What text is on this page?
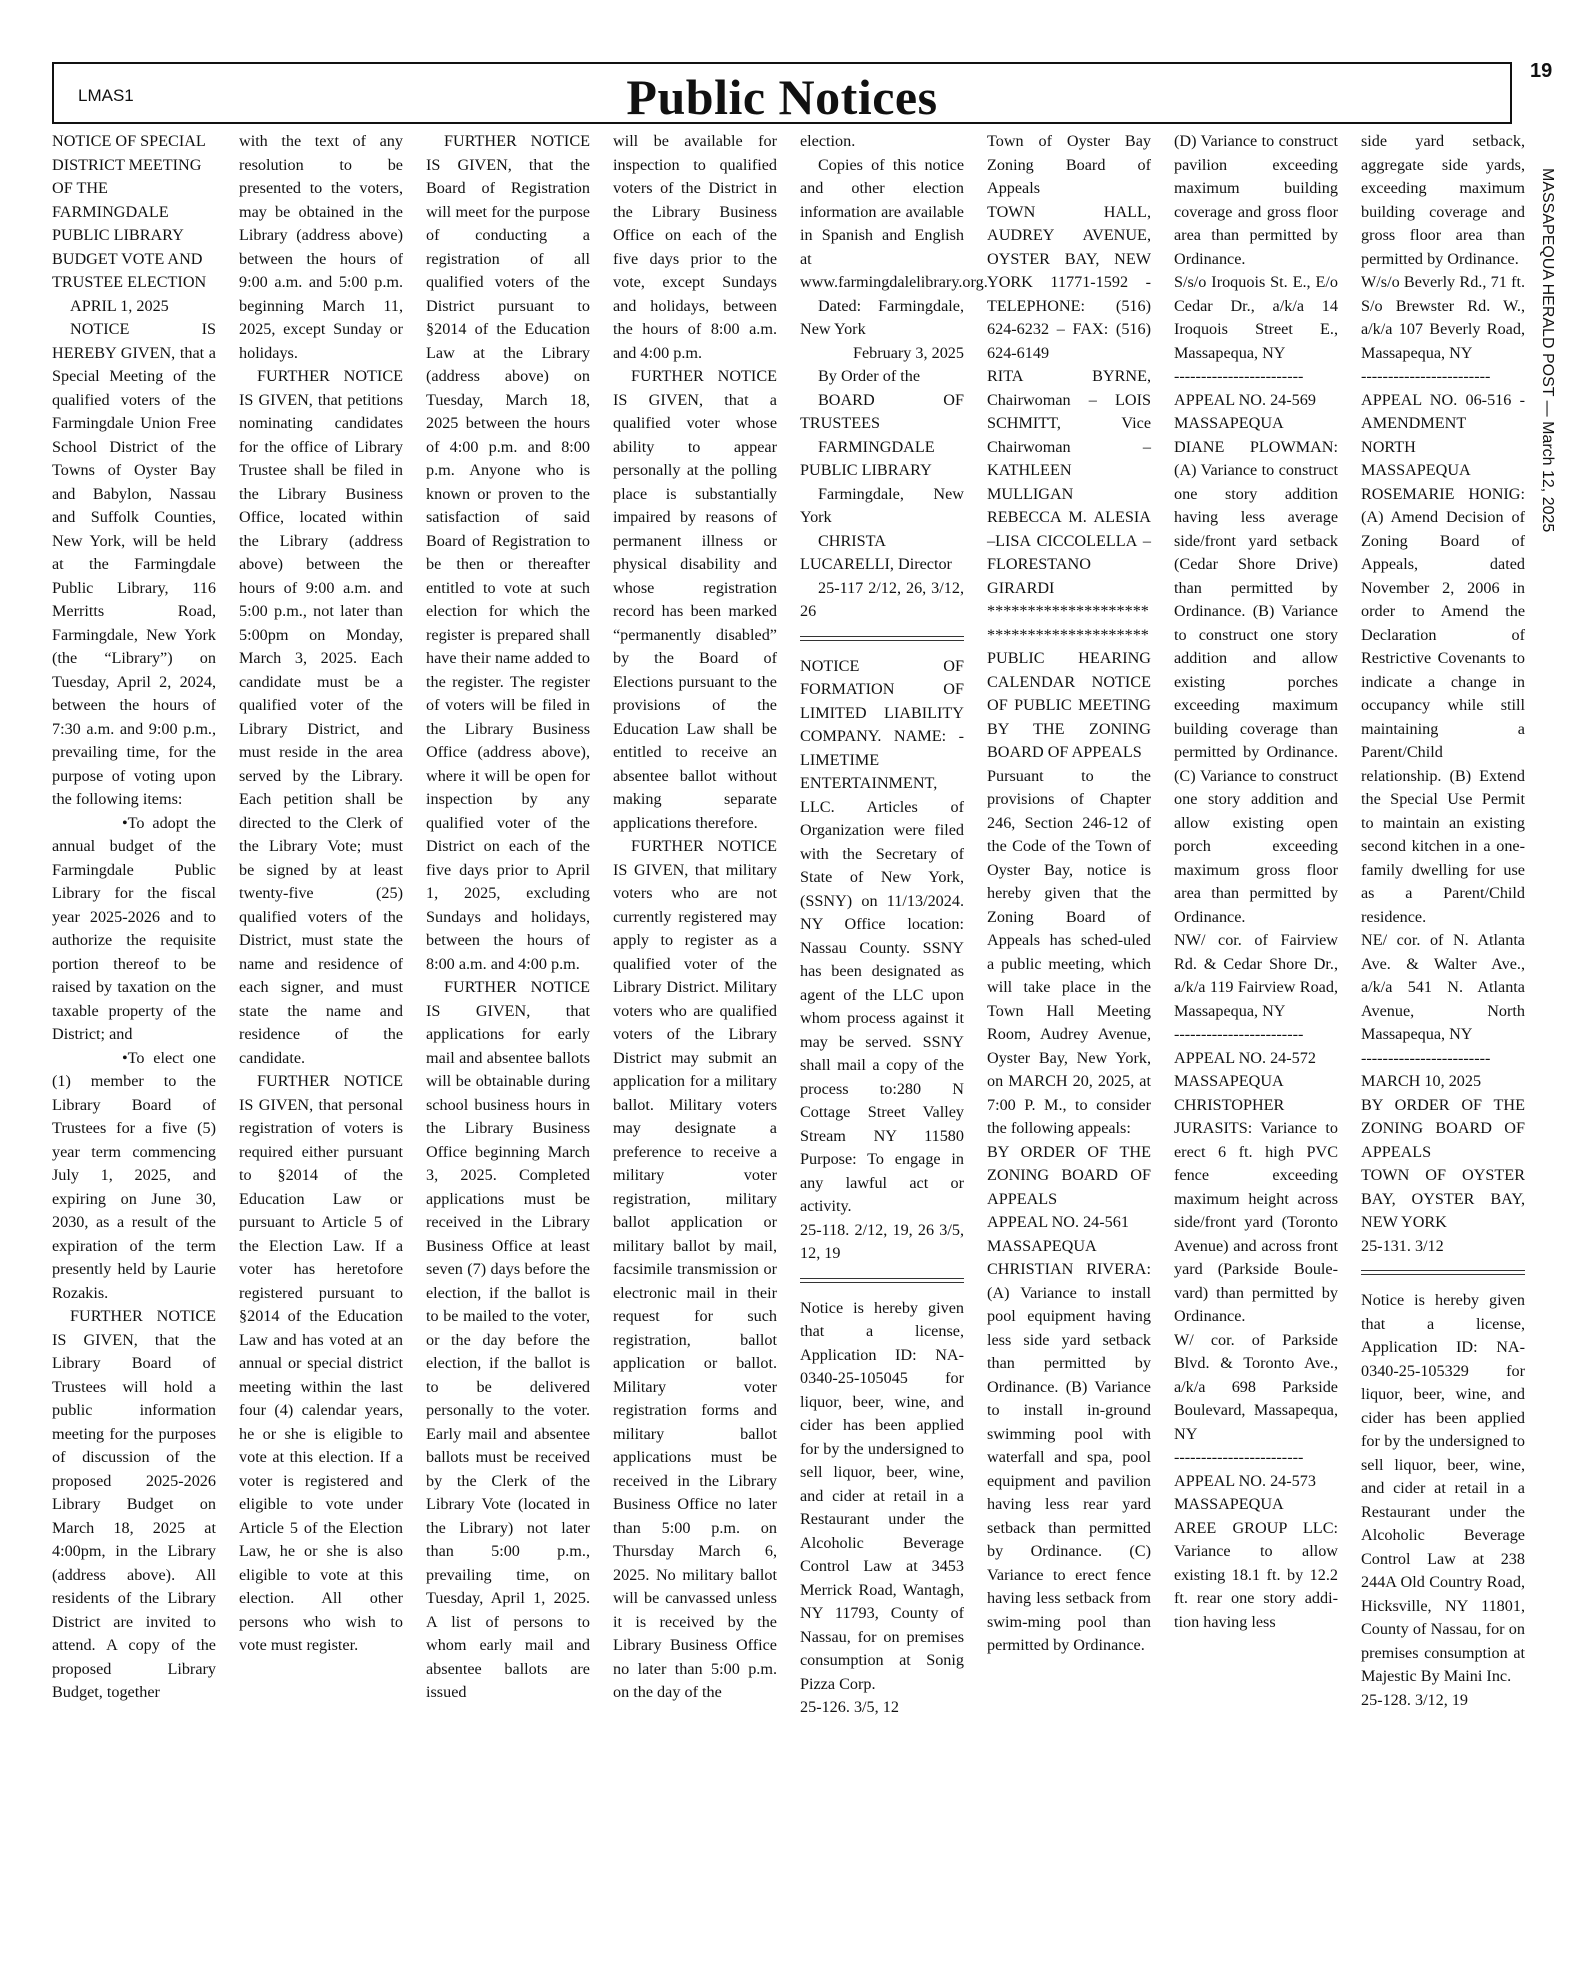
LMAS1	Public Notices	19
MASSAPEQUA HERALD POST — March 12, 2025

NOTICE OF SPECIAL DISTRICT MEETING

OF THE FARMINGDALE PUBLIC LIBRARY

BUDGET VOTE AND TRUSTEE ELECTION

APRIL 1, 2025

NOTICE IS HEREBY GIVEN, that a Special Meeting of the qualified voters of the Farmingdale Union Free School District of the Towns of Oyster Bay and Babylon, Nassau and Suffolk Counties, New York, will be held at the Farmingdale Public Library, 116 Merritts Road, Farmingdale, New York (the “Library”) on Tuesday, April 2, 2024, between the hours of 7:30 a.m. and 9:00 p.m., prevailing time, for the purpose of voting upon the following items:

•To adopt the annual budget of the Farmingdale Public Library for the fiscal year 2025-2026 and to authorize the requisite portion thereof to be raised by taxation on the taxable property of the District; and

•To elect one (1) member to the Library Board of Trustees for a five (5) year term commencing July 1, 2025, and expiring on June 30, 2030, as a result of the expiration of the term presently held by Laurie Rozakis.

FURTHER NOTICE IS GIVEN, that the Library Board of Trustees will hold a public information meeting for the purposes of discussion of the proposed 2025-2026 Library Budget on March 18, 2025 at 4:00pm, in the Library (address above). All residents of the Library District are invited to attend. A copy of the proposed Library Budget, together

with the text of any resolution to be presented to the voters, may be obtained in the Library (address above) between the hours of 9:00 a.m. and 5:00 p.m. beginning March 11, 2025, except Sunday or holidays.

FURTHER NOTICE IS GIVEN, that petitions nominating candidates for the office of Library Trustee shall be filed in the Library Business Office, located within the Library (address above) between the hours of 9:00 a.m. and 5:00 p.m., not later than 5:00pm on Monday, March 3, 2025. Each candidate must be a qualified voter of the Library District, and must reside in the area served by the Library. Each petition shall be directed to the Clerk of the Library Vote; must be signed by at least twenty-five (25) qualified voters of the District, must state the name and residence of each signer, and must state the name and residence of the candidate.

FURTHER NOTICE IS GIVEN, that personal registration of voters is required either pursuant to §2014 of the Education Law or pursuant to Article 5 of the Election Law. If a voter has heretofore registered pursuant to §2014 of the Education Law and has voted at an annual or special district meeting within the last four (4) calendar years, he or she is eligible to vote at this election. If a voter is registered and eligible to vote under Article 5 of the Election Law, he or she is also eligible to vote at this election. All other persons who wish to vote must register.

FURTHER NOTICE IS GIVEN, that the Board of Registration will meet for the purpose of conducting a registration of all qualified voters of the District pursuant to §2014 of the Education Law at the Library (address above) on Tuesday, March 18, 2025 between the hours of 4:00 p.m. and 8:00 p.m. Anyone who is known or proven to the satisfaction of said Board of Registration to be then or thereafter entitled to vote at such election for which the register is prepared shall have their name added to the register. The register of voters will be filed in the Library Business Office (address above), where it will be open for inspection by any qualified voter of the District on each of the five days prior to April 1, 2025, excluding Sundays and holidays, between the hours of 8:00 a.m. and 4:00 p.m.

FURTHER NOTICE IS GIVEN, that applications for early mail and absentee ballots will be obtainable during school business hours in the Library Business Office beginning March 3, 2025. Completed applications must be received in the Library Business Office at least seven (7) days before the election, if the ballot is to be mailed to the voter, or the day before the election, if the ballot is to be delivered personally to the voter. Early mail and absentee ballots must be received by the Clerk of the Library Vote (located in the Library) not later than 5:00 p.m., prevailing time, on Tuesday, April 1, 2025. A list of persons to whom early mail and absentee ballots are issued

will be available for inspection to qualified voters of the District in the Library Business Office on each of the five days prior to the vote, except Sundays and holidays, between the hours of 8:00 a.m. and 4:00 p.m.

FURTHER NOTICE IS GIVEN, that a qualified voter whose ability to appear personally at the polling place is substantially impaired by reasons of permanent illness or physical disability and whose registration record has been marked “permanently disabled” by the Board of Elections pursuant to the provisions of the Education Law shall be entitled to receive an absentee ballot without making separate applications therefore.

FURTHER NOTICE IS GIVEN, that military voters who are not currently registered may apply to register as a qualified voter of the Library District. Military voters who are qualified voters of the Library District may submit an application for a military ballot. Military voters may designate a preference to receive a military voter registration, military ballot application or military ballot by mail, facsimile transmission or electronic mail in their request for such registration, ballot application or ballot. Military voter registration forms and military ballot applications must be received in the Library Business Office no later than 5:00 p.m. on Thursday March 6, 2025. No military ballot will be canvassed unless it is received by the Library Business Office no later than 5:00 p.m. on the day of the

election.

Copies of this notice and other election information are available in Spanish and English at www.farmingdalelibrary.org.

Dated: Farmingdale, New York

February 3, 2025

By Order of the

BOARD OF TRUSTEES

FARMINGDALE PUBLIC LIBRARY

Farmingdale, New York

CHRISTA LUCARELLI, Director

25-117 2/12, 26, 3/12, 26

NOTICE OF FORMATION OF LIMITED LIABILITY COMPANY. NAME: -LIMETIME ENTERTAINMENT, LLC. Articles of Organization were filed with the Secretary of State of New York, (SSNY) on 11/13/2024. NY Office location: Nassau County. SSNY has been designated as agent of the LLC upon whom process against it may be served. SSNY shall mail a copy of the process to:280 N Cottage Street Valley Stream NY 11580 Purpose: To engage in any lawful act or activity.

25-118. 2/12, 19, 26 3/5, 12, 19

Notice is hereby given that a license, Application ID: NA-0340-25-105045 for liquor, beer, wine, and cider has been applied for by the undersigned to sell liquor, beer, wine, and cider at retail in a Restaurant under the Alcoholic Beverage Control Law at 3453 Merrick Road, Wantagh, NY 11793, County of Nassau, for on premises consumption at Sonig Pizza Corp.

25-126. 3/5, 12

Town of Oyster Bay Zoning Board of Appeals

TOWN HALL, AUDREY AVENUE, OYSTER BAY, NEW YORK 11771-1592 - TELEPHONE: (516) 624-6232 – FAX: (516) 624-6149

RITA BYRNE, Chairwoman – LOIS SCHMITT, Vice Chairwoman – KATHLEEN MULLIGAN

REBECCA M. ALESIA –LISA CICCOLELLA – FLORESTANO GIRARDI

****************************************

PUBLIC HEARING CALENDAR NOTICE OF PUBLIC MEETING BY THE ZONING BOARD OF APPEALS

Pursuant to the provisions of Chapter 246, Section 246-12 of the Code of the Town of Oyster Bay, notice is hereby given that the Zoning Board of Appeals has sched-uled a public meeting, which will take place in the Town Hall Meeting Room, Audrey Avenue, Oyster Bay, New York, on MARCH 20, 2025, at 7:00 P. M., to consider the following appeals:

BY ORDER OF THE ZONING BOARD OF APPEALS

APPEAL NO. 24-561

MASSAPEQUA

CHRISTIAN RIVERA: (A) Variance to install pool equipment having less side yard setback than permitted by Ordinance. (B) Variance to install in-ground swimming pool with waterfall and spa, pool equipment and pavilion having less rear yard setback than permitted by Ordinance. (C) Variance to erect fence having less setback from swim-ming pool than permitted by Ordinance.

(D) Variance to construct pavilion exceeding maximum building coverage and gross floor area than permitted by Ordinance.

S/s/o Iroquois St. E., E/o Cedar Dr., a/k/a 14 Iroquois Street E., Massapequa, NY

------------------------

APPEAL NO. 24-569

MASSAPEQUA

DIANE PLOWMAN: (A) Variance to construct one story addition having less average side/front yard setback (Cedar Shore Drive) than permitted by Ordinance. (B) Variance to construct one story addition and allow existing porches exceeding maximum building coverage than permitted by Ordinance. (C) Variance to construct one story addition and allow existing open porch exceeding maximum gross floor area than permitted by Ordinance.

NW/ cor. of Fairview Rd. & Cedar Shore Dr., a/k/a 119 Fairview Road, Massapequa, NY

------------------------

APPEAL NO. 24-572

MASSAPEQUA

CHRISTOPHER JURASITS: Variance to erect 6 ft. high PVC fence exceeding maximum height across side/front yard (Toronto Avenue) and across front yard (Parkside Boule-vard) than permitted by Ordinance.

W/ cor. of Parkside Blvd. & Toronto Ave., a/k/a 698 Parkside Boulevard, Massapequa, NY

------------------------

APPEAL NO. 24-573

MASSAPEQUA

AREE GROUP LLC: Variance to allow existing 18.1 ft. by 12.2 ft. rear one story addi-tion having less

side yard setback, aggregate side yards, exceeding maximum building coverage and gross floor area than permitted by Ordinance.

W/s/o Beverly Rd., 71 ft. S/o Brewster Rd. W., a/k/a 107 Beverly Road, Massapequa, NY

------------------------

APPEAL NO. 06-516 - AMENDMENT

NORTH MASSAPEQUA

ROSEMARIE HONIG: (A) Amend Decision of Zoning Board of Appeals, dated November 2, 2006 in order to Amend the Declaration of Restrictive Covenants to indicate a change in occupancy while still maintaining a Parent/Child relationship. (B) Extend the Special Use Permit to maintain an existing second kitchen in a one-family dwelling for use as a Parent/Child residence.

NE/ cor. of N. Atlanta Ave. & Walter Ave., a/k/a 541 N. Atlanta Avenue, North Massapequa, NY

------------------------

MARCH 10, 2025

BY ORDER OF THE ZONING BOARD OF APPEALS

TOWN OF OYSTER BAY, OYSTER BAY, NEW YORK

25-131. 3/12

Notice is hereby given that a license, Application ID: NA-0340-25-105329 for liquor, beer, wine, and cider has been applied for by the undersigned to sell liquor, beer, wine, and cider at retail in a Restaurant under the Alcoholic Beverage Control Law at 238 244A Old Country Road, Hicksville, NY 11801, County of Nassau, for on premises consumption at Majestic By Maini Inc.

25-128. 3/12, 19
